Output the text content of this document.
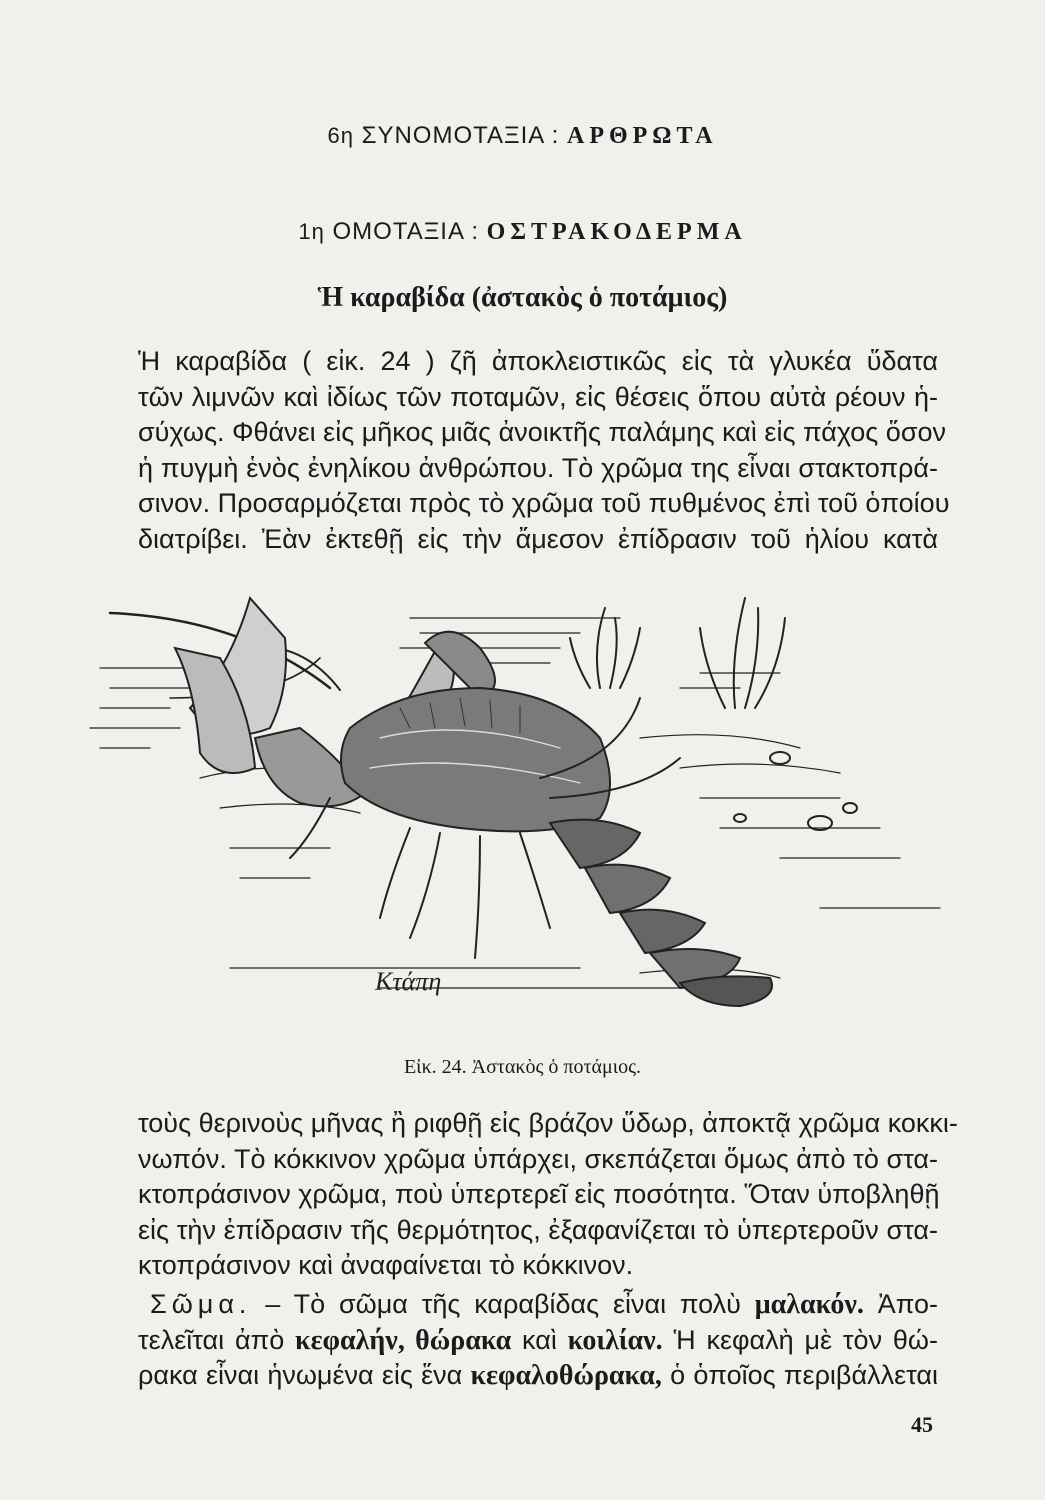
6η ΣΥΝΟΜΟΤΑΞΙΑ : ΑΡΘΡΩΤΑ
1η ΟΜΟΤΑΞΙΑ : ΟΣΤΡΑΚΟΔΕΡΜΑ
Ἡ καραβίδα (ἀστακὸς ὁ ποτάμιος)
Ἡ καραβίδα ( εἰκ. 24 ) ζῆ ἀποκλειστικῶς εἰς τὰ γλυκέα ὕδατα
τῶν λιμνῶν καὶ ἰδίως τῶν ποταμῶν, εἰς θέσεις ὅπου αὐτὰ ρέουν ἡ-
σύχως. Φθάνει εἰς μῆκος μιᾶς ἀνοικτῆς παλάμης καὶ εἰς πάχος ὅσον
ἡ πυγμὴ ἑνὸς ἐνηλίκου ἀνθρώπου. Τὸ χρῶμα της εἶναι στακτοπρά-
σινον. Προσαρμόζεται πρὸς τὸ χρῶμα τοῦ πυθμένος ἐπὶ τοῦ ὁποίου
διατρίβει. Ἐὰν ἐκτεθῇ εἰς τὴν ἄμεσον ἐπίδρασιν τοῦ ἡλίου κατὰ
Κτάπη
Εἰκ. 24. Ἀστακὸς ὁ ποτάμιος.
τοὺς θερινοὺς μῆνας ἢ ριφθῇ εἰς βράζον ὕδωρ, ἀποκτᾷ χρῶμα κοκκι-
νωπόν. Τὸ κόκκινον χρῶμα ὑπάρχει, σκεπάζεται ὅμως ἀπὸ τὸ στα-
κτοπράσινον χρῶμα, ποὺ ὑπερτερεῖ εἰς ποσότητα. Ὅταν ὑποβληθῇ
εἰς τὴν ἐπίδρασιν τῆς θερμότητος, ἐξαφανίζεται τὸ ὑπερτεροῦν στα-
κτοπράσινον καὶ ἀναφαίνεται τὸ κόκκινον.
Σῶμα. – Τὸ σῶμα τῆς καραβίδας εἶναι πολὺ μαλακόν. Ἀπο-
τελεῖται ἀπὸ κεφαλήν, θώρακα καὶ κοιλίαν. Ἡ κεφαλὴ μὲ τὸν θώ-
ρακα εἶναι ἡνωμένα εἰς ἕνα κεφαλοθώρακα, ὁ ὁποῖος περιβάλλεται
45
